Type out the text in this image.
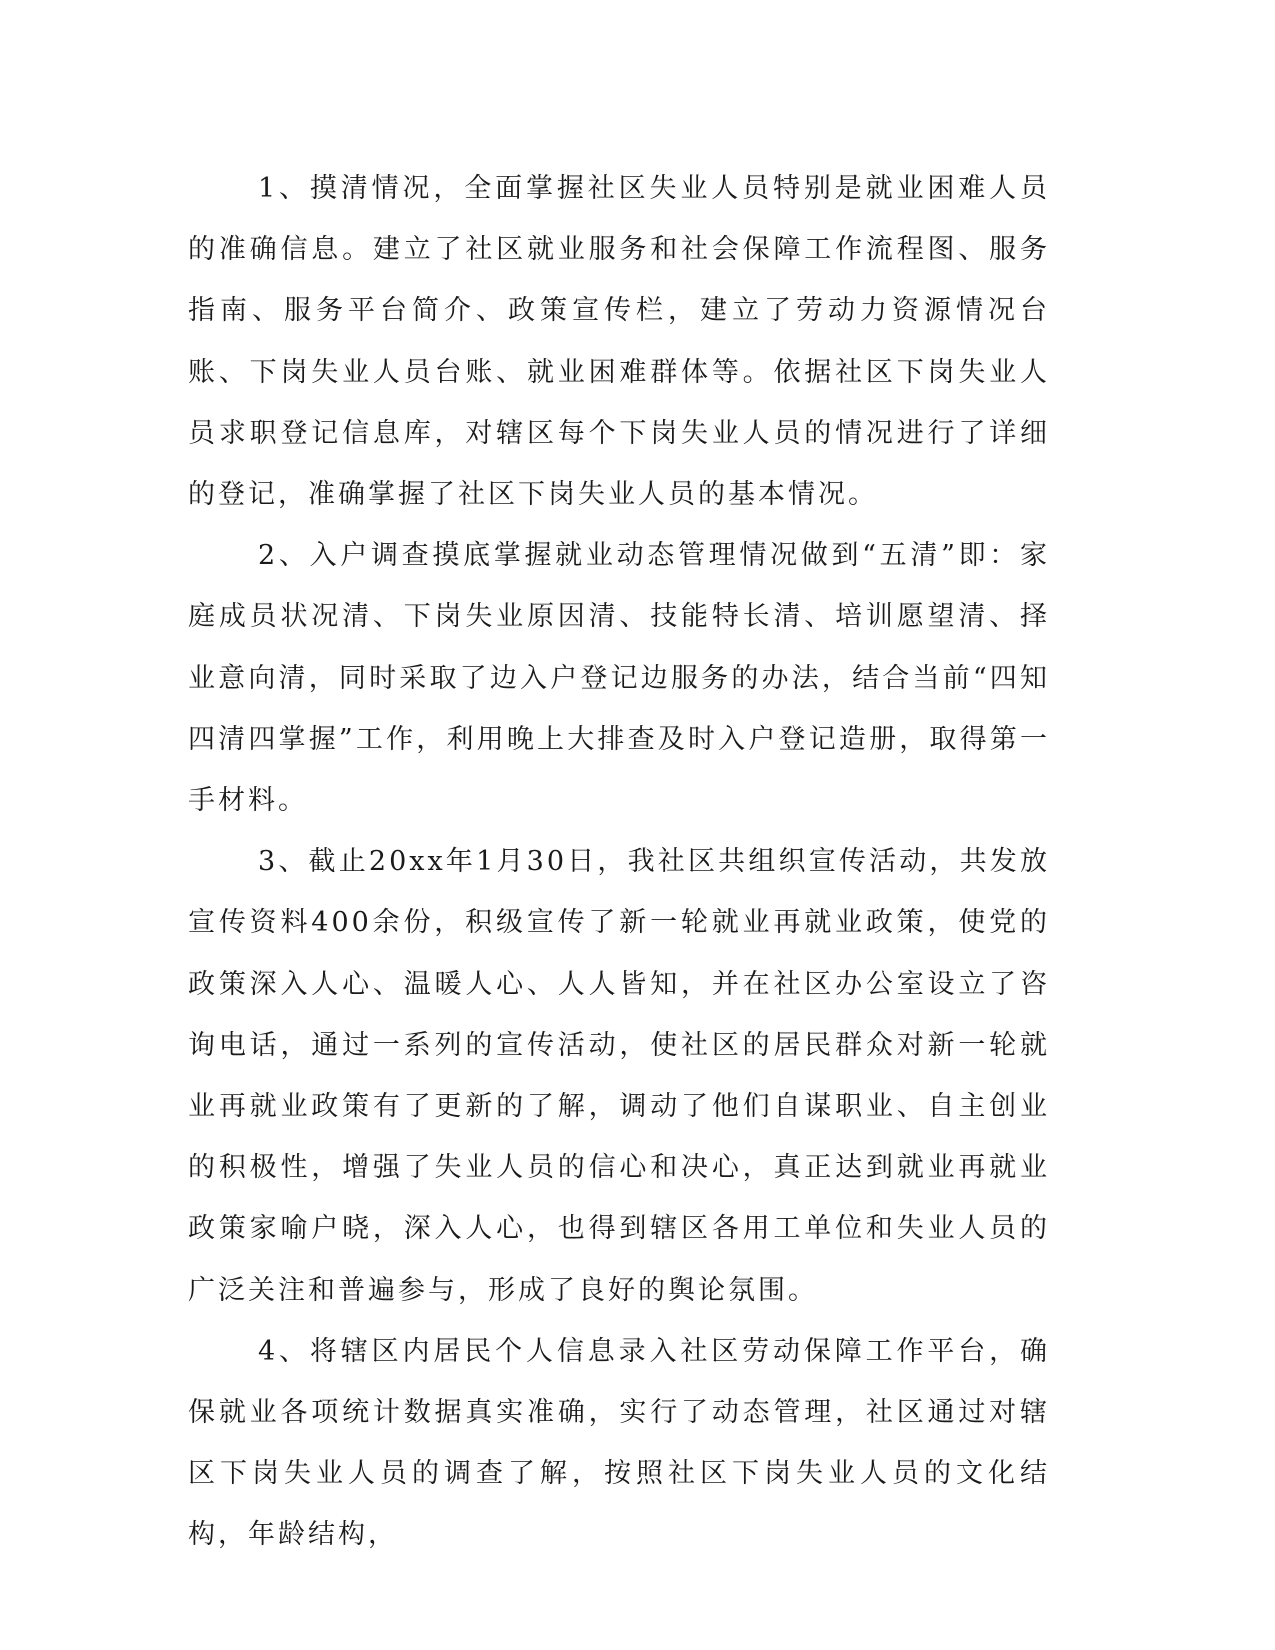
1、摸清情况，全面掌握社区失业人员特别是就业困难人员的准确信息。建立了社区就业服务和社会保障工作流程图、服务指南、服务平台简介、政策宣传栏，建立了劳动力资源情况台账、下岗失业人员台账、就业困难群体等。依据社区下岗失业人员求职登记信息库，对辖区每个下岗失业人员的情况进行了详细的登记，准确掌握了社区下岗失业人员的基本情况。

2、入户调查摸底掌握就业动态管理情况做到“五清”即：家庭成员状况清、下岗失业原因清、技能特长清、培训愿望清、择业意向清，同时采取了边入户登记边服务的办法，结合当前“四知四清四掌握”工作，利用晚上大排查及时入户登记造册，取得第一手材料。

3、截止20xx年1月30日，我社区共组织宣传活动，共发放宣传资料400余份，积级宣传了新一轮就业再就业政策，使党的政策深入人心、温暖人心、人人皆知，并在社区办公室设立了咨询电话，通过一系列的宣传活动，使社区的居民群众对新一轮就业再就业政策有了更新的了解，调动了他们自谋职业、自主创业的积极性，增强了失业人员的信心和决心，真正达到就业再就业政策家喻户晓，深入人心，也得到辖区各用工单位和失业人员的广泛关注和普遍参与，形成了良好的舆论氛围。

4、将辖区内居民个人信息录入社区劳动保障工作平台，确保就业各项统计数据真实准确，实行了动态管理，社区通过对辖区下岗失业人员的调查了解，按照社区下岗失业人员的文化结构，年龄结构，
